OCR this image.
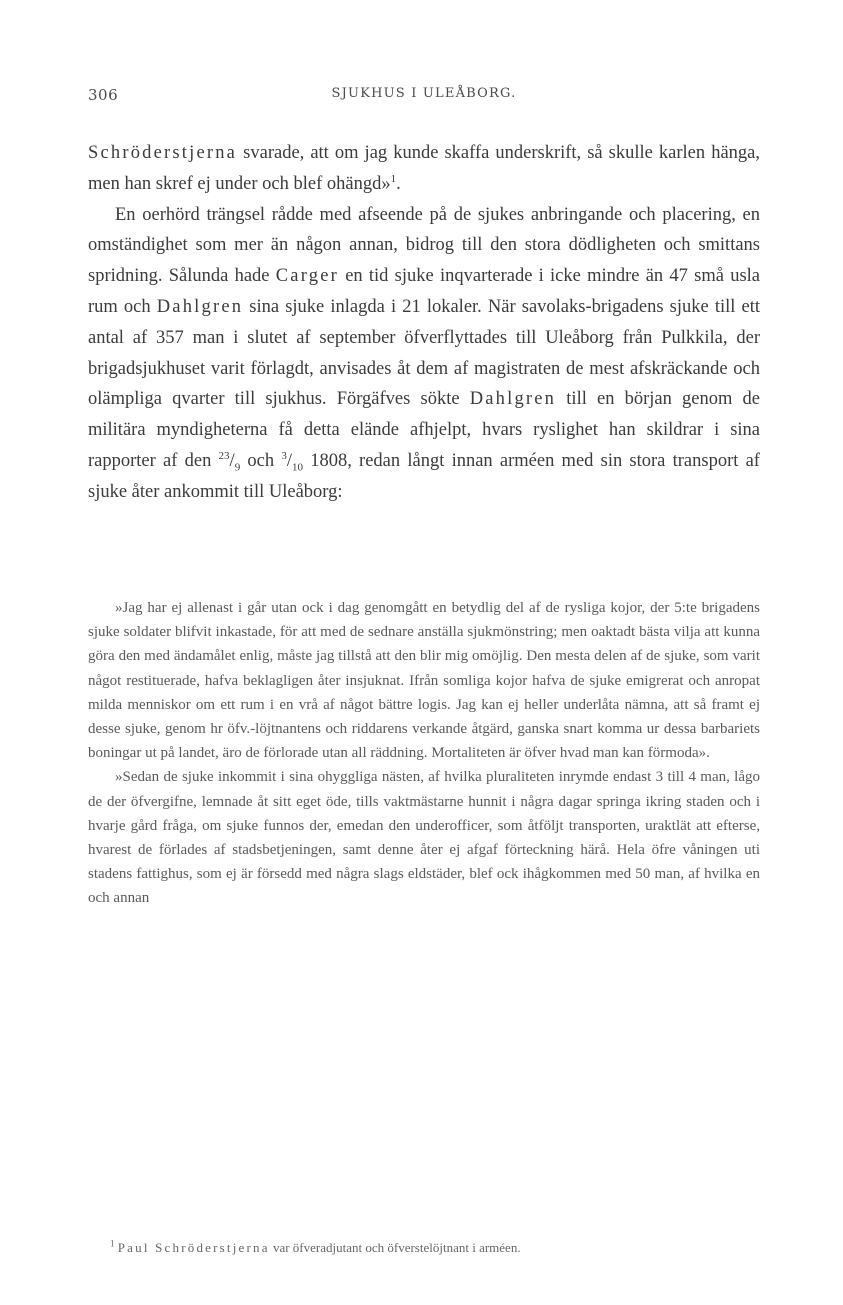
306	SJUKHUS I ULEÅBORG.

Schröderstjerna svarade, att om jag kunde skaffa underskrift, så skulle karlen hänga, men han skref ej under och blef ohängd»$^1$.

En oerhörd trängsel rådde med afseende på de sjukes anbringande och placering, en omständighet som mer än någon annan, bidrog till den stora dödligheten och smittans spridning. Sålunda hade Carger en tid sjuke inqvarterade i icke mindre än 47 små usla rum och Dahlgren sina sjuke inlagda i 21 lokaler. När savolaks-brigadens sjuke till ett antal af 357 man i slutet af september öfverflyttades till Uleåborg från Pulkkila, der brigadsjukhuset varit förlagdt, anvisades åt dem af magistraten de mest afskräckande och olämpliga qvarter till sjukhus. Förgäfves sökte Dahlgren till en början genom de militära myndigheterna få detta elände afhjelpt, hvars ryslighet han skildrar i sina rapporter af den $^{23}/_9$ och $^3/_{10}$ 1808, redan långt innan arméen med sin stora transport af sjuke åter ankommit till Uleåborg:

»Jag har ej allenast i går utan ock i dag genomgått en betydlig del af de rysliga kojor, der 5:te brigadens sjuke soldater blifvit inkastade, för att med de sednare anställa sjukmönstring; men oaktadt bästa vilja att kunna göra den med ändamålet enlig, måste jag tillstå att den blir mig omöjlig. Den mesta delen af de sjuke, som varit något restituerade, hafva beklagligen åter insjuknat. Ifrån somliga kojor hafva de sjuke emigrerat och anropat milda menniskor om ett rum i en vrå af något bättre logis. Jag kan ej heller underlåta nämna, att så framt ej desse sjuke, genom hr öfv.-löjtnantens och riddarens verkande åtgärd, ganska snart komma ur dessa barbariets boningar ut på landet, äro de förlorade utan all räddning. Mortaliteten är öfver hvad man kan förmoda».

»Sedan de sjuke inkommit i sina ohyggliga nästen, af hvilka pluraliteten inrymde endast 3 till 4 man, lågo de der öfvergifne, lemnade åt sitt eget öde, tills vaktmästarne hunnit i några dagar springa ikring staden och i hvarje gård fråga, om sjuke funnos der, emedan den underofficer, som åtföljt transporten, uraktlät att efterse, hvarest de förlades af stadsbetjeningen, samt denne åter ej afgaf förteckning härå. Hela öfre våningen uti stadens fattighus, som ej är försedd med några slags eldstäder, blef ock ihågkommen med 50 man, af hvilka en och annan

$^1$ Paul Schröderstjerna var öfveradjutant och öfverstelöjtnant i arméen.
